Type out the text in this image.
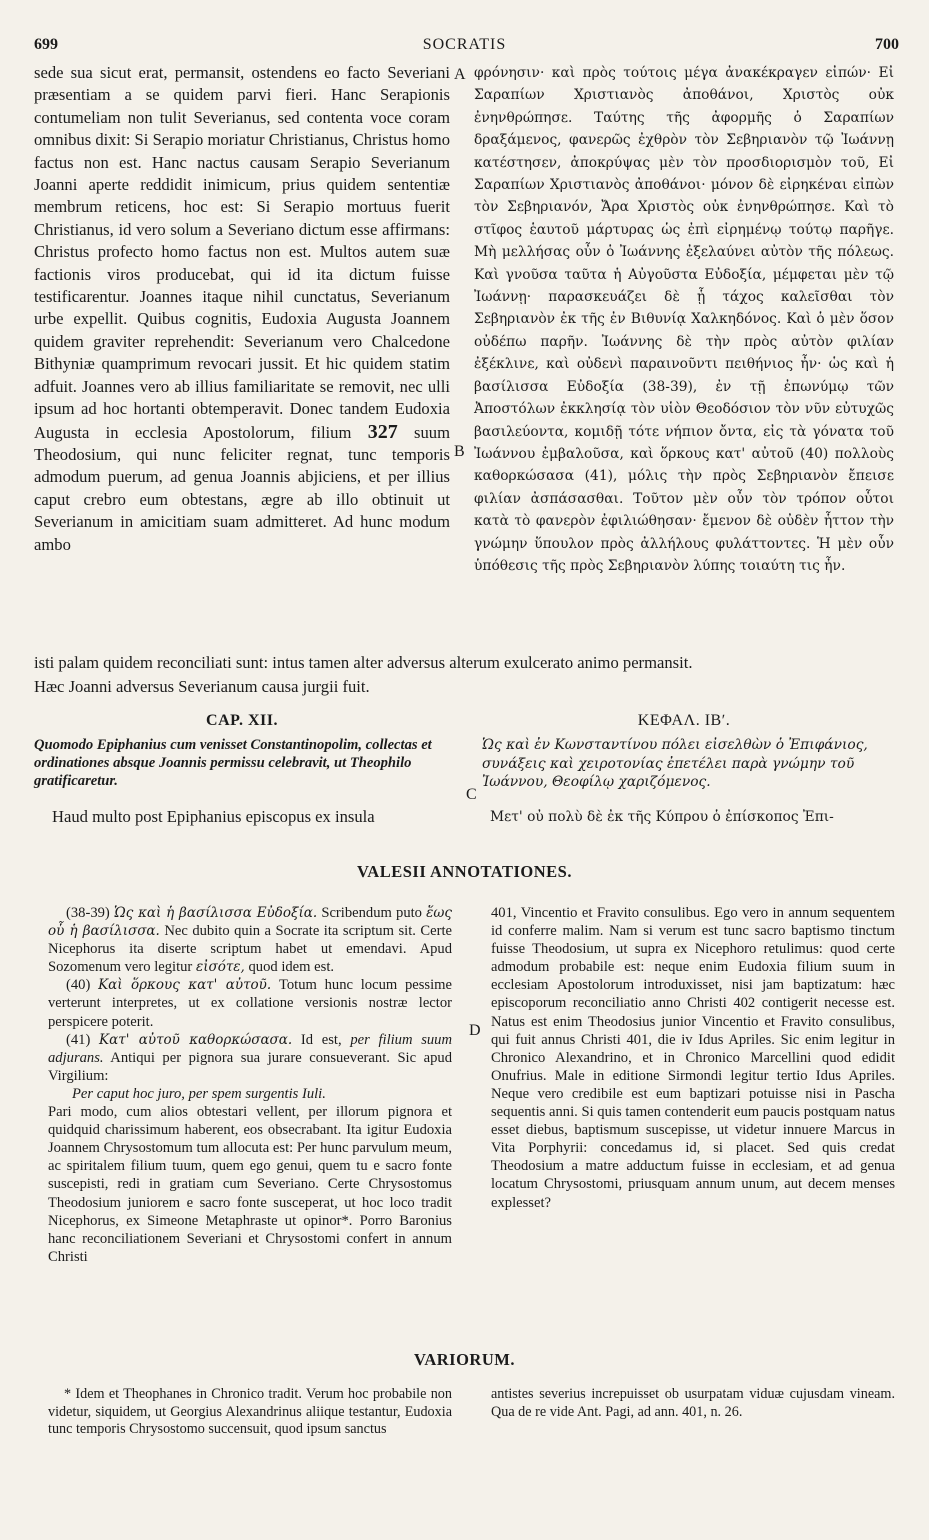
699	SOCRATIS	700
sede sua sicut erat, permansit, ostendens eo facto Severiani præsentiam a se quidem parvi fieri. Hanc Serapionis contumeliam non tulit Severianus, sed contenta voce coram omnibus dixit: Si Serapio moriatur Christianus, Christus homo factus non est. Hanc nactus causam Serapio Severianum Joanni aperte reddidit inimicum, prius quidem sententiæ membrum reticens, hoc est: Si Serapio mortuus fuerit Christianus, id vero solum a Severiano dictum esse affirmans: Christus profecto homo factus non est. Multos autem suæ factionis viros producebat, qui id ita dictum fuisse testificarentur. Joannes itaque nihil cunctatus, Severianum urbe expellit. Quibus cognitis, Eudoxia Augusta Joannem quidem graviter reprehendit: Severianum vero Chalcedone Bithyniæ quamprimum revocari jussit. Et hic quidem statim adfuit. Joannes vero ab illius familiaritate se removit, nec ulli ipsum ad hoc hortanti obtemperavit. Donec tandem Eudoxia Augusta in ecclesia Apostolorum, filium 327 suum Theodosium, qui nunc feliciter regnat, tunc temporis admodum puerum, ad genua Joannis abjiciens, et per illius caput crebro eum obtestans, ægre ab illo obtinuit ut Severianum in amicitiam suam admitteret. Ad hunc modum ambo
φρόνησιν· καὶ πρὸς τούτοις μέγα ἀνακέκραγεν εἰπών· Εἰ Σαραπίων Χριστιανὸς ἀποθάνοι, Χριστὸς οὐκ ἐνηνθρώπησε. Ταύτης τῆς ἀφορμῆς ὁ Σαραπίων δραξάμενος, φανερῶς ἐχθρὸν τὸν Σεβηριανὸν τῷ Ἰωάννῃ κατέστησεν, ἀποκρύψας μὲν τὸν προσδιορισμὸν τοῦ, Εἰ Σαραπίων Χριστιανὸς ἀποθάνοι· μόνον δὲ εἰρηκέναι εἰπὼν τὸν Σεβηριανόν, Ἄρα Χριστὸς οὐκ ἐνηνθρώπησε. Καὶ τὸ στῖφος ἑαυτοῦ μάρτυρας ὡς ἐπὶ εἰρημένῳ τούτῳ παρῆγε. Μὴ μελλήσας οὖν ὁ Ἰωάννης ἐξελαύνει αὐτὸν τῆς πόλεως. Καὶ γνοῦσα ταῦτα ἡ Αὐγοῦστα Εὐδοξία, μέμφεται μὲν τῷ Ἰωάννῃ· παρασκευάζει δὲ ᾗ τάχος καλεῖσθαι τὸν Σεβηριανὸν ἐκ τῆς ἐν Βιθυνίᾳ Χαλκηδόνος. Καὶ ὁ μὲν ὅσον οὐδέπω παρῆν. Ἰωάννης δὲ τὴν πρὸς αὐτὸν φιλίαν ἐξέκλινε, καὶ οὐδενὶ παραινοῦντι πειθήνιος ἦν· ὡς καὶ ἡ βασίλισσα Εὐδοξία (38-39), ἐν τῇ ἐπωνύμῳ τῶν Ἀποστόλων ἐκκλησίᾳ τὸν υἱὸν Θεοδόσιον τὸν νῦν εὐτυχῶς βασιλεύοντα, κομιδῇ τότε νήπιον ὄντα, εἰς τὰ γόνατα τοῦ Ἰωάννου ἐμβαλοῦσα, καὶ ὅρκους κατ' αὐτοῦ (40) πολλοὺς καθορκώσασα (41), μόλις τὴν πρὸς Σεβηριανὸν ἔπεισε φιλίαν ἀσπάσασθαι. Τοῦτον μὲν οὖν τὸν τρόπον οὗτοι κατὰ τὸ φανερὸν ἐφιλιώθησαν· ἔμενον δὲ οὐδὲν ἧττον τὴν γνώμην ὕπουλον πρὸς ἀλλήλους φυλάττοντες. Ἡ μὲν οὖν ὑπόθεσις τῆς πρὸς Σεβηριανὸν λύπης τοιαύτη τις ἦν.
A
B
C
D
isti palam quidem reconciliati sunt: intus tamen alter adversus alterum exulcerato animo permansit.
Hæc Joanni adversus Severianum causa jurgii fuit.
CAP. XII.	ΚΕΦΑΛ. ΙΒʹ.
Quomodo Epiphanius cum venisset Constantinopolim, collectas et ordinationes absque Joannis permissu celebravit, ut Theophilo gratificaretur.
Ὡς καὶ ἐν Κωνσταντίνου πόλει εἰσελθὼν ὁ Ἐπιφάνιος, συνάξεις καὶ χειροτονίας ἐπετέλει παρὰ γνώμην τοῦ Ἰωάννου, Θεοφίλῳ χαριζόμενος.
Haud multo post Epiphanius episcopus ex insula	Μετ' οὐ πολὺ δὲ ἐκ τῆς Κύπρου ὁ ἐπίσκοπος Ἐπι-
VALESII ANNOTATIONES.

(38-39) Ὡς καὶ ἡ βασίλισσα Εὐδοξία. Scribendum puto ἕως οὗ ἡ βασίλισσα. Nec dubito quin a Socrate ita scriptum sit. Certe Nicephorus ita diserte scriptum habet ut emendavi. Apud Sozomenum vero legitur εἰσότε, quod idem est.

(40) Καὶ ὅρκους κατ' αὐτοῦ. Totum hunc locum pessime verterunt interpretes, ut ex collatione versionis nostræ lector perspicere poterit.

(41) Κατ' αὐτοῦ καθορκώσασα. Id est, per filium suum adjurans. Antiqui per pignora sua jurare consueverant. Sic apud Virgilium:

Per caput hoc juro, per spem surgentis Iuli.

Pari modo, cum alios obtestari vellent, per illorum pignora et quidquid charissimum haberent, eos obsecrabant. Ita igitur Eudoxia Joannem Chrysostomum tum allocuta est: Per hunc parvulum meum, ac spiritalem filium tuum, quem ego genui, quem tu e sacro fonte suscepisti, redi in gratiam cum Severiano. Certe Chrysostomus Theodosium juniorem e sacro fonte susceperat, ut hoc loco tradit Nicephorus, ex Simeone Metaphraste ut opinor*. Porro Baronius hanc reconciliationem Severiani et Chrysostomi confert in annum Christi

401, Vincentio et Fravito consulibus. Ego vero in annum sequentem id conferre malim. Nam si verum est tunc sacro baptismo tinctum fuisse Theodosium, ut supra ex Nicephoro retulimus: quod certe admodum probabile est: neque enim Eudoxia filium suum in ecclesiam Apostolorum introduxisset, nisi jam baptizatum: hæc episcoporum reconciliatio anno Christi 402 contigerit necesse est. Natus est enim Theodosius junior Vincentio et Fravito consulibus, qui fuit annus Christi 401, die iv Idus Apriles. Sic enim legitur in Chronico Alexandrino, et in Chronico Marcellini quod edidit Onufrius. Male in editione Sirmondi legitur tertio Idus Apriles. Neque vero credibile est eum baptizari potuisse nisi in Pascha sequentis anni. Si quis tamen contenderit eum paucis postquam natus esset diebus, baptismum suscepisse, ut videtur innuere Marcus in Vita Porphyrii: concedamus id, si placet. Sed quis credat Theodosium a matre adductum fuisse in ecclesiam, et ad genua locatum Chrysostomi, priusquam annum unum, aut decem menses explesset?
VARIORUM.
* Idem et Theophanes in Chronico tradit. Verum hoc probabile non videtur, siquidem, ut Georgius Alexandrinus aliique testantur, Eudoxia tunc temporis Chrysostomo succensuit, quod ipsum sanctus
antistes severius increpuisset ob usurpatam viduæ cujusdam vineam. Qua de re vide Ant. Pagi, ad ann. 401, n. 26.
